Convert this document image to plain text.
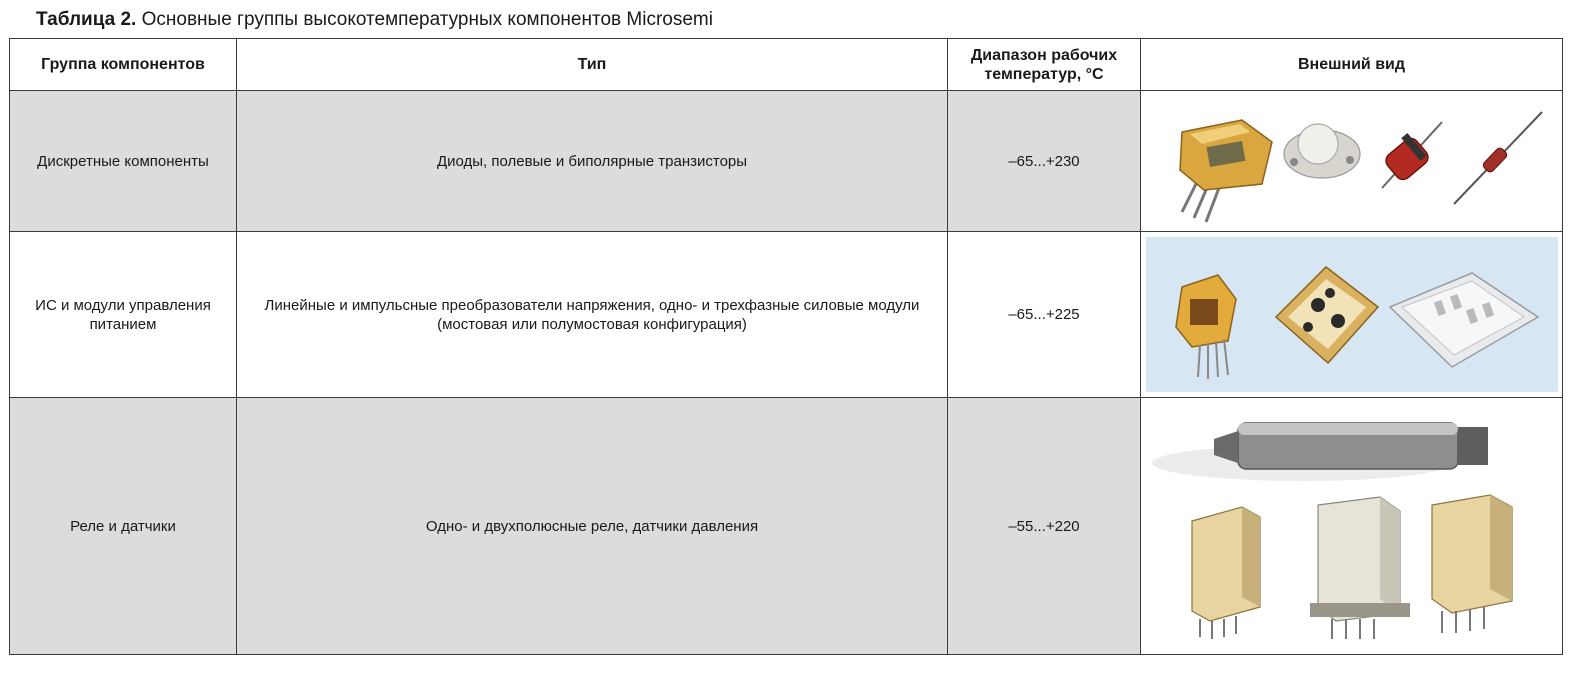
Таблица 2. Основные группы высокотемпературных компонентов Microsemi
Группа компонентов	Тип	Диапазон рабочих температур, °С	Внешний вид
Дискретные компоненты	Диоды, полевые и биполярные транзисторы	–65...+230	

ИС и модули управления питанием	Линейные и импульсные преобразователи напряжения, одно- и трехфазные силовые модули (мостовая или полумостовая конфигурация)	–65...+225	

Реле и датчики	Одно- и двухполюсные реле, датчики давления	–55...+220	
